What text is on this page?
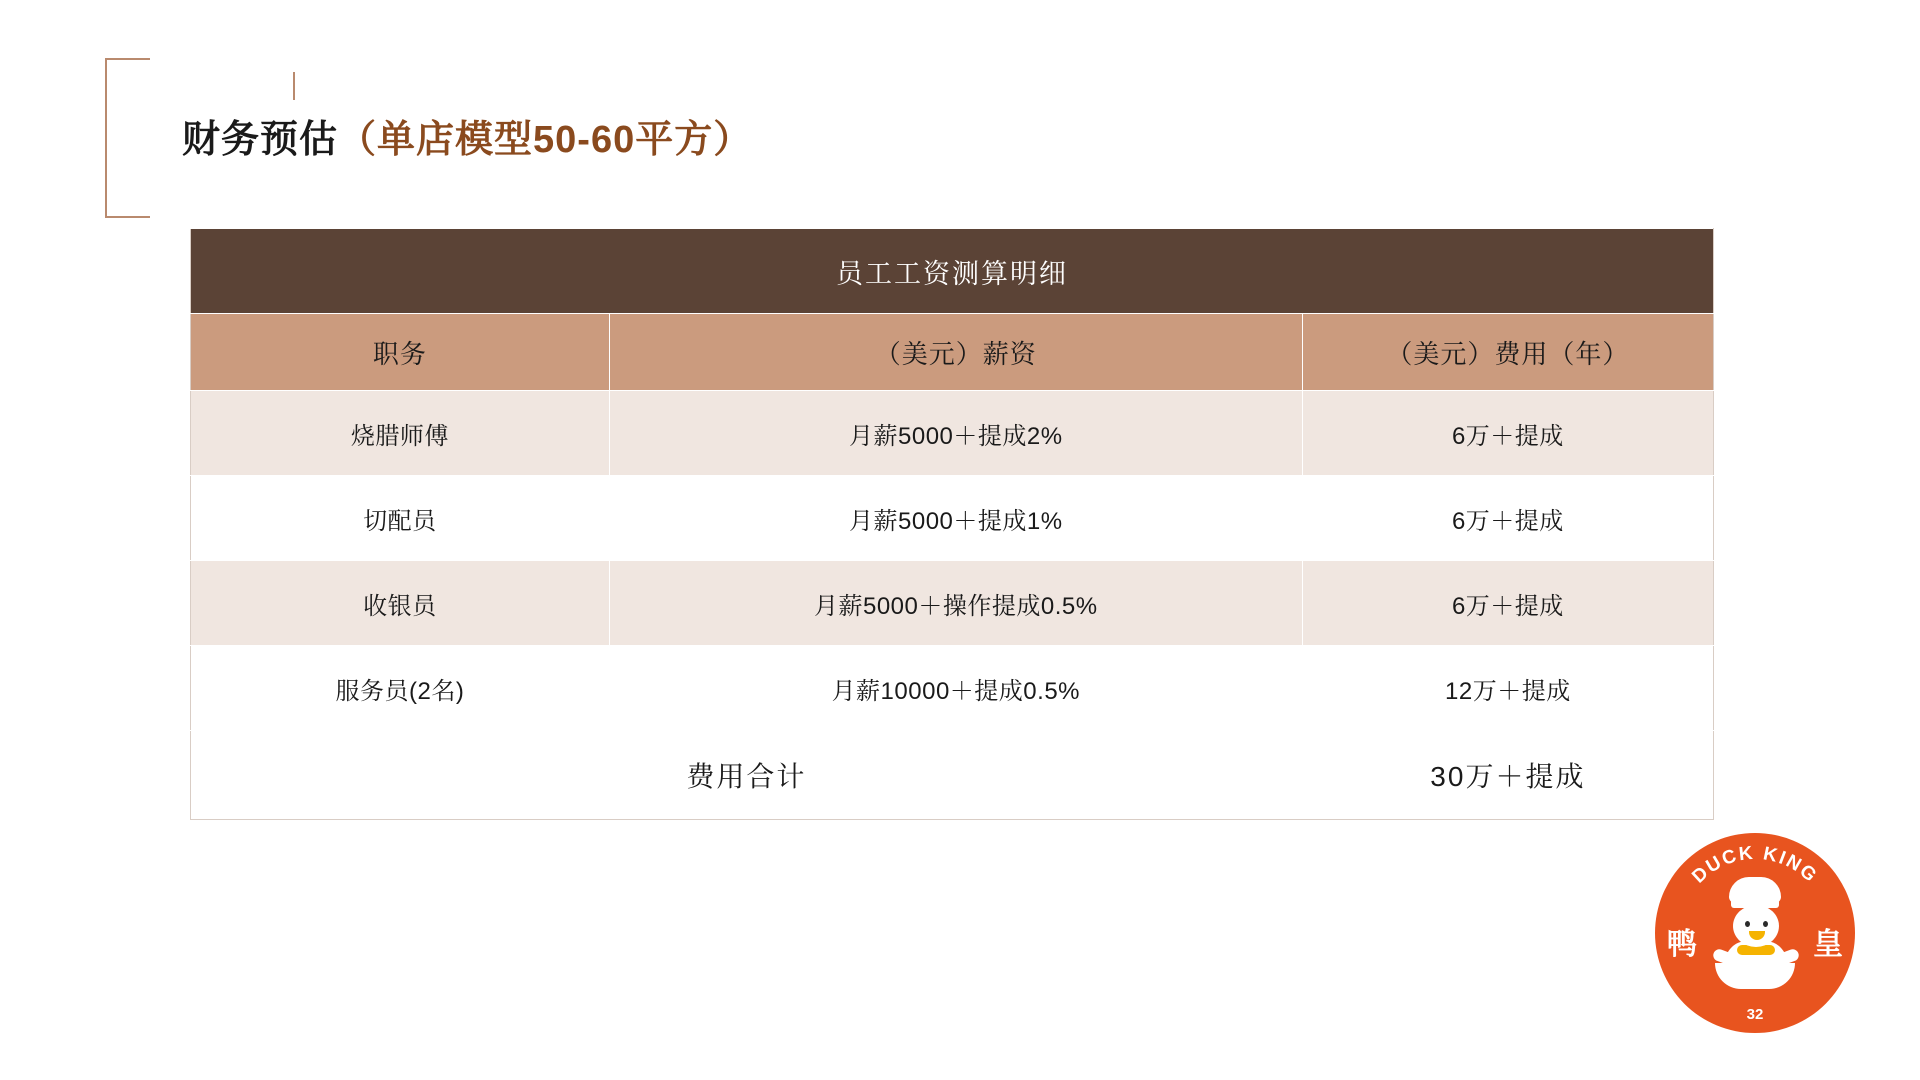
财务预估（单店模型50-60平方）
员工工资测算明细		
职务	（美元）薪资	（美元）费用（年）
烧腊师傅	月薪5000＋提成2%	6万＋提成
切配员	月薪5000＋提成1%	6万＋提成
收银员	月薪5000＋操作提成0.5%	6万＋提成
服务员(2名)	月薪10000＋提成0.5%	12万＋提成
费用合计		30万＋提成
DUCK KING
鸭	皇
32
